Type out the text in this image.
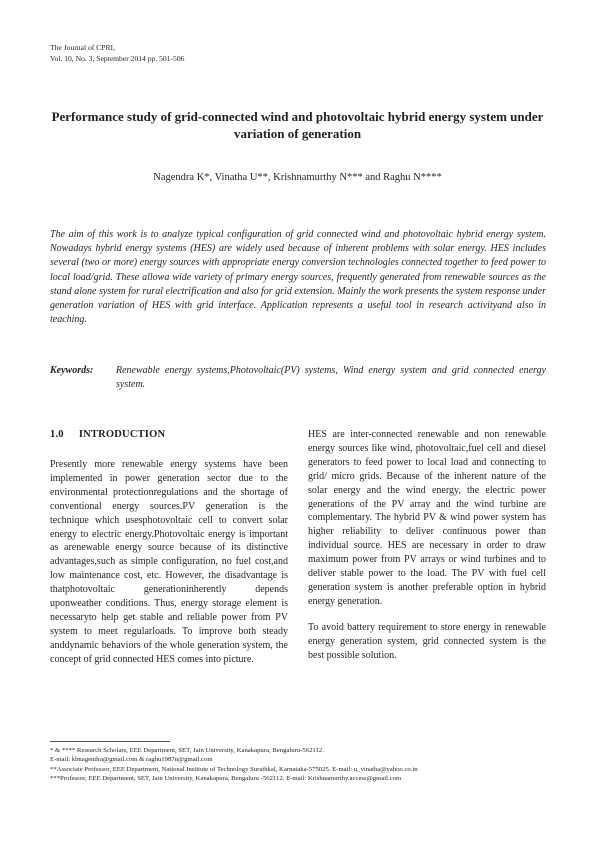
The Journal of CPRI,
Vol. 10, No. 3, September 2014 pp. 501-506
Performance study of grid-connected wind and photovoltaic hybrid energy system under variation of generation
Nagendra K*, Vinatha U**, Krishnamurthy N*** and Raghu N****
The aim of this work is to analyze typical configuration of grid connected wind and photovoltaic hybrid energy system. Nowadays hybrid energy systems (HES) are widely used because of inherent problems with solar energy. HES includes several (two or more) energy sources with appropriate energy conversion technologies connected together to feed power to local load/grid. These allowa wide variety of primary energy sources, frequently generated from renewable sources as the stand alone system for rural electrification and also for grid extension. Mainly the work presents the system response under generation variation of HES with grid interface. Application represents a useful tool in research activityand also in teaching.
Keywords: Renewable energy systems,Photovoltaic(PV) systems, Wind energy system and grid connected energy system.
1.0 INTRODUCTION

Presently more renewable energy systems have been implemented in power generation sector due to the environmental protectionregulations and the shortage of conventional energy sources.PV generation is the technique which usesphotovoltaic cell to convert solar energy to electric energy.Photovoltaic energy is important as arenewable energy source because of its distinctive advantages,such as simple configuration, no fuel cost,and low maintenance cost, etc. However, the disadvantage is thatphotovoltaic generationinherently depends uponweather conditions. Thus, energy storage element is necessaryto help get stable and reliable power from PV system to meet regularloads. To improve both steady anddynamic behaviors of the whole generation system, the concept of grid connected HES comes into picture.

HES are inter-connected renewable and non renewable energy sources like wind, photovoltaic,fuel cell and diesel generators to feed power to local load and connecting to grid/ micro grids. Because of the inherent nature of the solar energy and the wind energy, the electric power generations of the PV array and the wind turbine are complementary. The hybrid PV & wind power system has higher reliability to deliver continuous power than individual source. HES are necessary in order to draw maximum power from PV arrays or wind turbines and to deliver stable power to the load. The PV with fuel cell generation system is another preferable option in hybrid energy generation.

To avoid battery requirement to store energy in renewable energy generation system, grid connected system is the best possible solution.

* & **** Research Scholars, EEE Department, SET, Jain University, Kanakapura, Bengaluru-562112.
E-mail: kbnagendra@gmail.com & raghu1987n@gmail.com
**Associate Professor, EEE Department, National Institute of Technology Surathkal, Karnataka-575025. E-mail: u_vinatha@yahoo.co.in
***Professor, EEE Department, SET, Jain University, Kanakapura, Bengaluru -562112. E-mail: Krishnamurthy.access@gmail.com
